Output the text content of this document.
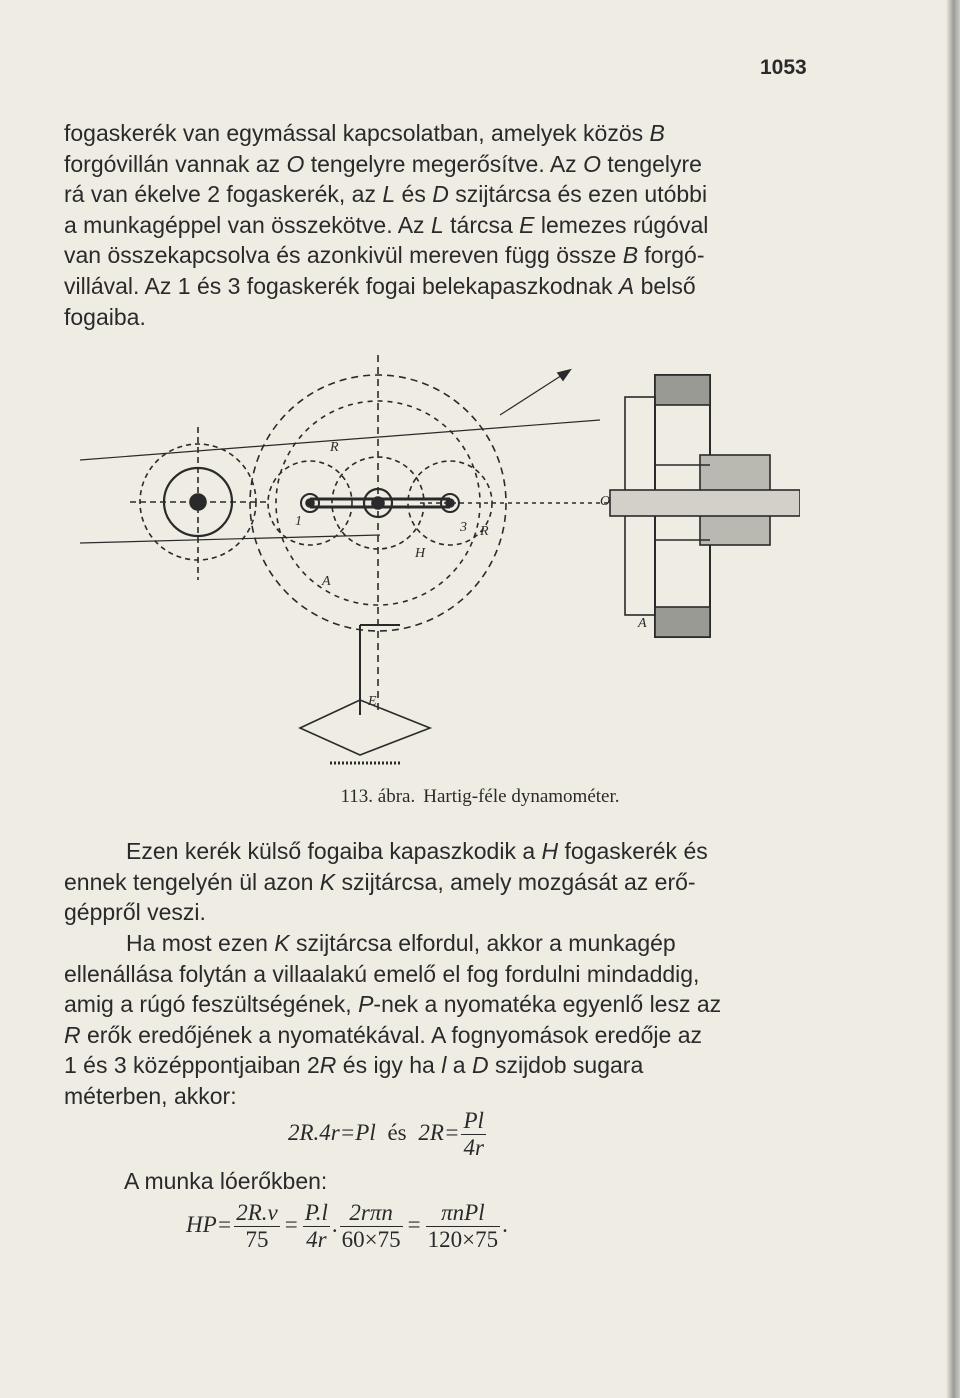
1053
fogaskerék van egymással kapcsolatban, amelyek közös B
forgóvillán vannak az O tengelyre megerősítve. Az O tengelyre
rá van ékelve 2 fogaskerék, az L és D szijtárcsa és ezen utóbbi
a munkagéppel van összekötve. Az L tárcsa E lemezes rúgóval
van összekapcsolva és azonkivül mereven függ össze B forgó-
villával. Az 1 és 3 fogaskerék fogai belekapaszkodnak A belső
fogaiba.
R
R
H
1	3
A
A
O
E
113. ábra. Hartig-féle dynamométer.
Ezen kerék külső fogaiba kapaszkodik a H fogaskerék és
ennek tengelyén ül azon K szijtárcsa, amely mozgását az erő-
géppről veszi.
Ha most ezen K szijtárcsa elfordul, akkor a munkagép
ellenállása folytán a villaalakú emelő el fog fordulni mindaddig,
amig a rúgó feszültségének, P-nek a nyomatéka egyenlő lesz az
R erők eredőjének a nyomatékával. A fognyomások eredője az
1 és 3 középpontjaiban 2R és igy ha l a D szijdob sugara
méterben, akkor:
2R.4r=Pl és $2R= \frac{Pl}{4r}$
A munka lóerőkben:
$HP= \frac{2R.v}{75} = \frac{P.l}{4r}$ . $\frac{\text{2rπn}}{60\times 75} = \frac{\text{πnPl}}{120\times 75}$ .
